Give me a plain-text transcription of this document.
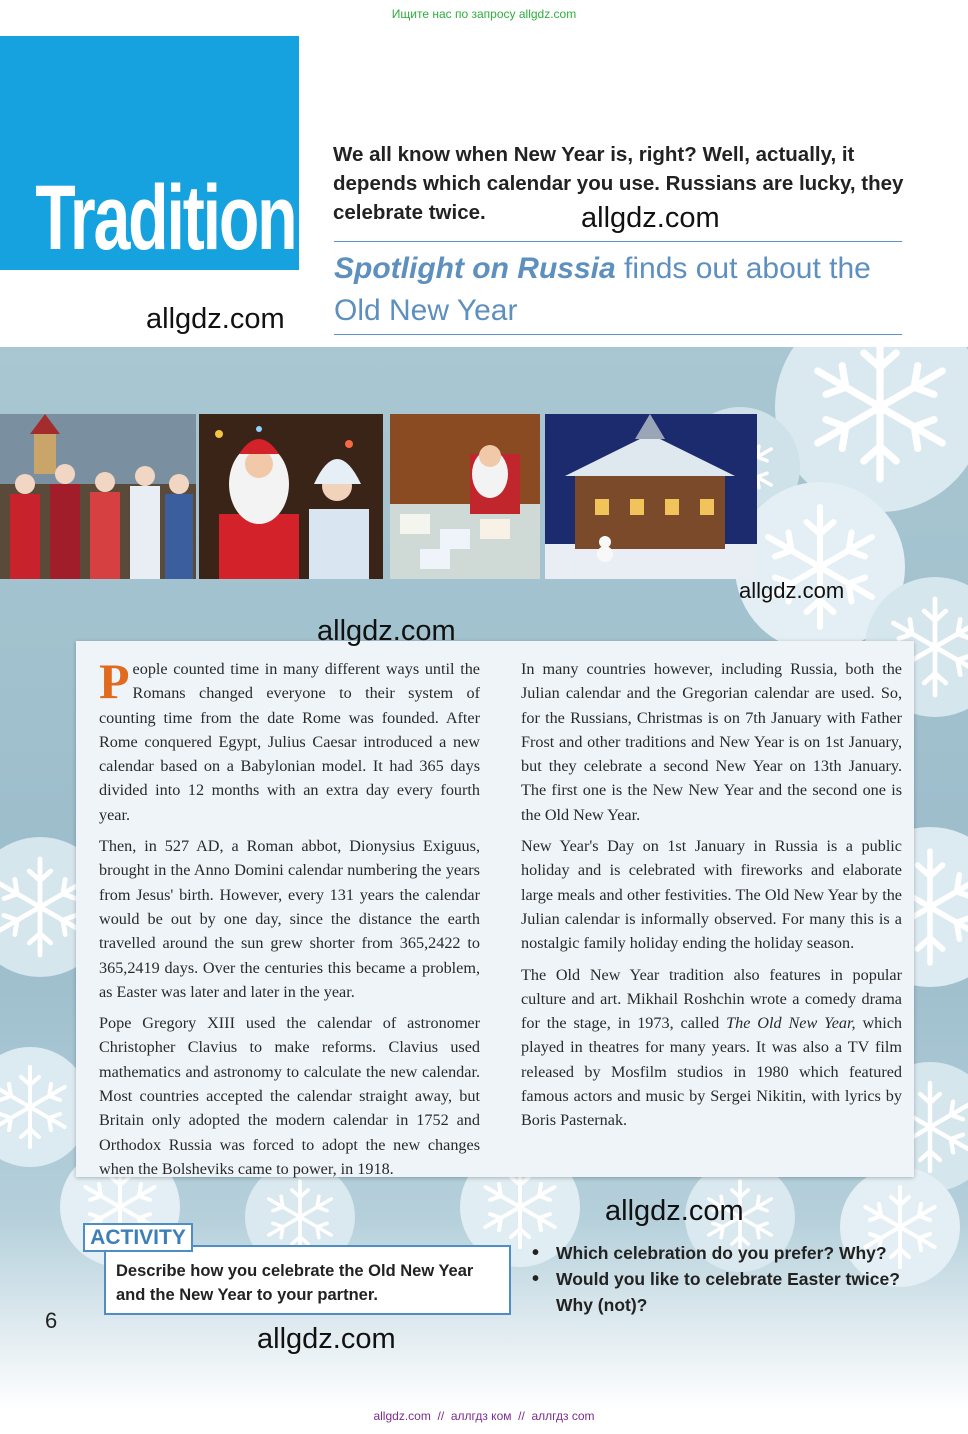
Ищите нас по запросу allgdz.com
Tradition
We all know when New Year is, right? Well, actually, it depends which calendar you use. Russians are lucky, they celebrate twice.
Spotlight on Russia finds out about the Old New Year

People counted time in many different ways until the Romans changed everyone to their system of counting time from the date Rome was founded. After Rome conquered Egypt, Julius Caesar introduced a new calendar based on a Babylonian model. It had 365 days divided into 12 months with an extra day every fourth year.

Then, in 527 AD, a Roman abbot, Dionysius Exiguus, brought in the Anno Domini calendar numbering the years from Jesus' birth. However, every 131 years the calendar would be out by one day, since the distance the earth travelled around the sun grew shorter from 365,2422 to 365,2419 days. Over the centuries this became a problem, as Easter was later and later in the year.

Pope Gregory XIII used the calendar of astronomer Christopher Clavius to make reforms. Clavius used mathematics and astronomy to calculate the new calendar. Most countries accepted the calendar straight away, but Britain only adopted the modern calendar in 1752 and Orthodox Russia was forced to adopt the new changes when the Bolsheviks came to power, in 1918.

In many countries however, including Russia, both the Julian calendar and the Gregorian calendar are used. So, for the Russians, Christmas is on 7th January with Father Frost and other traditions and New Year is on 1st January, but they celebrate a second New Year on 13th January. The first one is the New New Year and the second one is the Old New Year.

New Year's Day on 1st January in Russia is a public holiday and is celebrated with fireworks and elaborate large meals and other festivities. The Old New Year by the Julian calendar is informally observed. For many this is a nostalgic family holiday ending the holiday season.

The Old New Year tradition also features in popular culture and art. Mikhail Roshchin wrote a comedy drama for the stage, in 1973, called The Old New Year, which played in theatres for many years. It was also a TV film released by Mosfilm studios in 1980 which featured famous actors and music by Sergei Nikitin, with lyrics by Boris Pasternak.

Describe how you celebrate the Old New Year and the New Year to your partner.
ACTIVITY
• Which celebration do you prefer? Why?
• Would you like to celebrate Easter twice? Why (not)?
6
allgdz.com
allgdz.com
allgdz.com
allgdz.com
allgdz.com
allgdz.com
allgdz.com  //  аллгдз ком  //  аллгдз com
